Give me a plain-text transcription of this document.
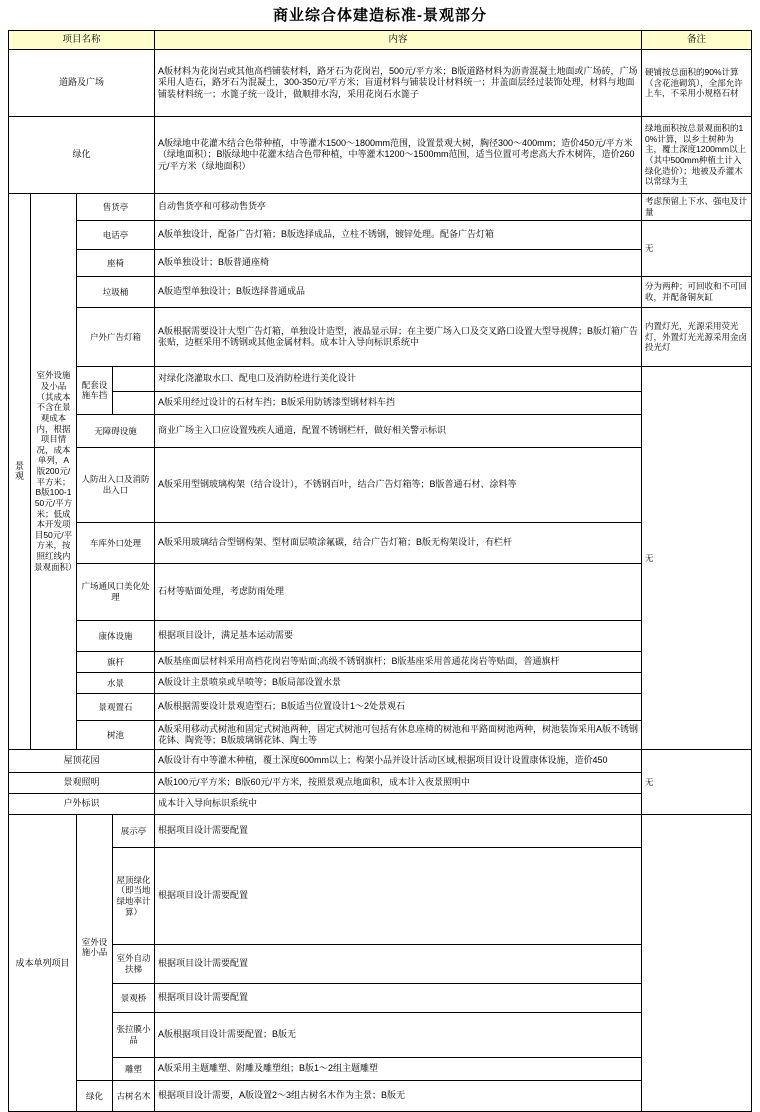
商业综合体建造标准-景观部分
项目名称				内容	备注
道路及广场				A版材料为花岗岩或其他高档铺装材料，路牙石为花岗岩，500元/平方米；B版道路材料为沥青混凝土地面或广场砖，广场采用人造石，路牙石为混凝土，300-350元/平方米；盲道材料与铺装设计材料统一；井盖面层经过装饰处理，材料与地面铺装材料统一；水篦子统一设计，做顺排水沟，采用花岗石水篦子	硬铺按总面积的90%计算（含花池砌筑），全部允许上车，不采用小规格石材
绿化				A版绿地中花灌木结合色带种植，中等灌木1500～1800mm范围，设置景观大树，胸径300～400mm；造价450元/平方米（绿地面积）；B版绿地中花灌木结合色带种植，中等灌木1200～1500mm范围，适当位置可考虑高大乔木树阵，造价260元/平方米（绿地面积）	绿地面积按总景观面积的10%计算，以乡土树种为主，覆土深度1200mm以上（其中500mm种植土计入绿化造价）；地被及乔灌木以常绿为主
景观	室外设施及小品（其成本不含在景观成本内，根据项目情况，成本单列，A版200元/平方米；B版100-150元/平方米；低成本开发项目50元/平方米，按照红线内景观面积）	售货亭		自动售货亭和可移动售货亭	考虑预留上下水、强电及计量
		电话亭		A版单独设计，配备广告灯箱；B版选择成品，立柱不锈钢，镀锌处理。配备广告灯箱	无
		座椅		A版单独设计；B版普通座椅	
		垃圾桶		A版造型单独设计；B版选择普通成品	分为两种；可回收和不可回收，并配备铜灰缸
		户外广告灯箱		A版根据需要设计大型广告灯箱，单独设计造型，液晶显示屏；在主要广场入口及交叉路口设置大型导视牌；B版灯箱广告张贴，边框采用不锈钢或其他金属材料。成本计入导向标识系统中	内置灯光，光源采用荧光灯，外置灯光光源采用金卤投光灯
		配套设施车挡		对绿化浇灌取水口、配电口及消防栓进行美化设计	无
				A版采用经过设计的石材车挡；B版采用防锈漆型钢材料车挡	
		无障碍设施		商业广场主入口应设置残疾人通道，配置不锈钢栏杆，做好相关警示标识	
		人防出入口及消防出入口		A版采用型钢玻璃构架（结合设计），不锈钢百叶，结合广告灯箱等；B版普通石材、涂料等	
		车库外口处理		A版采用玻璃结合型钢构架、型材面层喷涂氟碳，结合广告灯箱；B版无构架设计，有栏杆	
		广场通风口美化处理		石材等贴面处理，考虑防雨处理	
		康体设施		根据项目设计，满足基本运动需要	
		旗杆		A版基座面层材料采用高档花岗岩等贴面;高级不锈钢旗杆；B版基座采用普通花岗岩等贴面，普通旗杆	
		水景		A版设计主景喷泉或旱喷等；B版局部设置水景	
		景观置石		A版根据需要设计景观造型石；B版适当位置设计1～2处景观石	
		树池		A版采用移动式树池和固定式树池两种，固定式树池可包括有休息座椅的树池和平路面树池两种，树池装饰采用A版不锈钢花钵、陶瓷等；B版玻璃钢花钵、陶土等	
屋顶花园				A版设计有中等灌木种植，覆土深度600mm以上；构架小品并设计活动区域,根据项目设计设置康体设施，造价450	无
景观照明				A版100元/平方米；B版60元/平方米，按照景观点地面积，成本计入夜景照明中	
户外标识				成本计入导向标识系统中	
成本单列项目		室外设施小品	展示亭	根据项目设计需要配置	
			屋顶绿化（即当地绿地率计算）	根据项目设计需要配置	
			室外自动扶梯	根据项目设计需要配置	
			景观桥	根据项目设计需要配置	
			张拉膜小品	A版根据项目设计需要配置；B版无	
			雕塑	A版采用主题雕塑、附雕及雕塑组；B版1～2组主题雕塑	
		绿化	古树名木	根据项目设计需要，A版设置2～3组古树名木作为主景；B版无	
